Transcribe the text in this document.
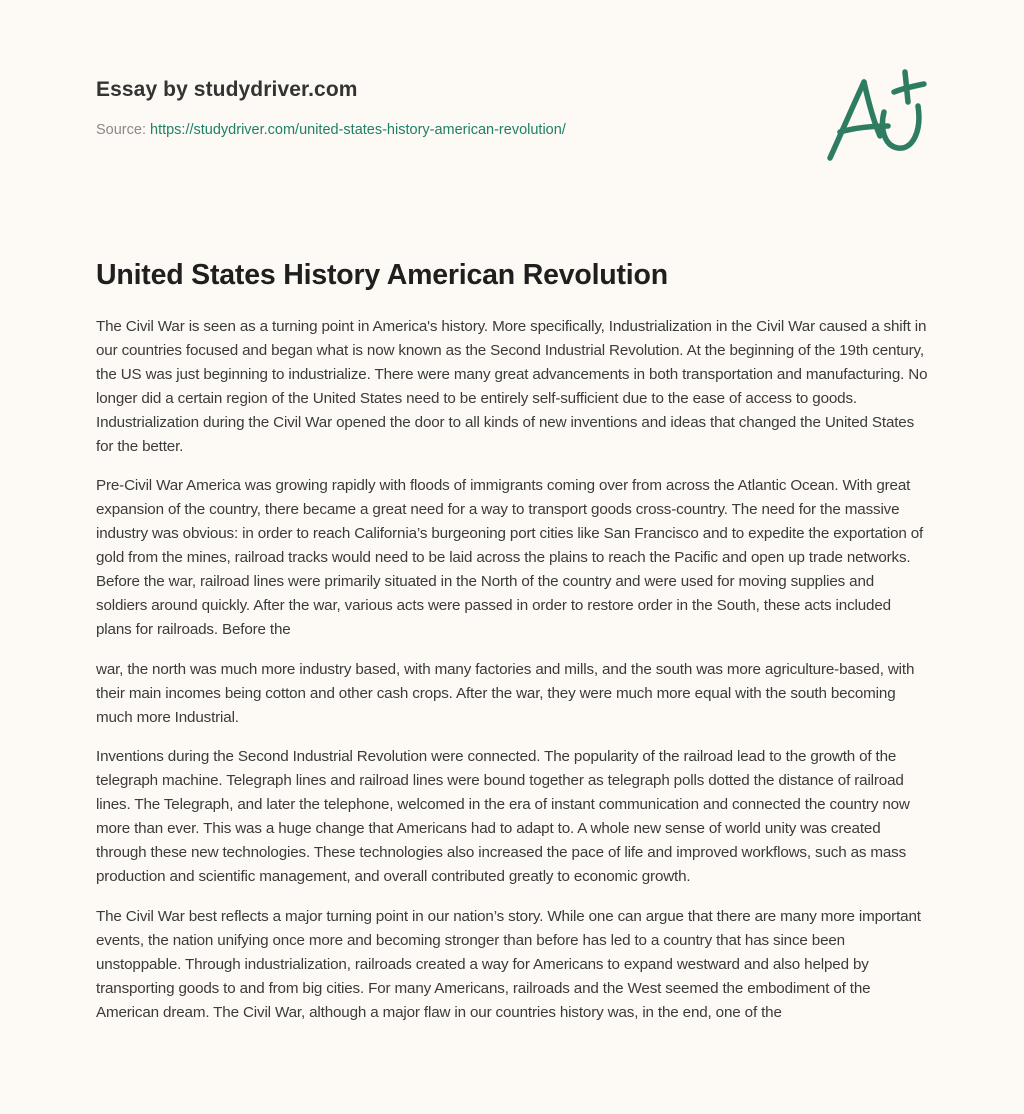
Essay by studydriver.com
Source: https://studydriver.com/united-states-history-american-revolution/
United States History American Revolution

The Civil War is seen as a turning point in America's history. More specifically, Industrialization in the Civil War caused a shift in our countries focused and began what is now known as the Second Industrial Revolution. At the beginning of the 19th century, the US was just beginning to industrialize. There were many great advancements in both transportation and manufacturing. No longer did a certain region of the United States need to be entirely self-sufficient due to the ease of access to goods. Industrialization during the Civil War opened the door to all kinds of new inventions and ideas that changed the United States for the better.

Pre-Civil War America was growing rapidly with floods of immigrants coming over from across the Atlantic Ocean. With great expansion of the country, there became a great need for a way to transport goods cross-country. The need for the massive industry was obvious: in order to reach California’s burgeoning port cities like San Francisco and to expedite the exportation of gold from the mines, railroad tracks would need to be laid across the plains to reach the Pacific and open up trade networks. Before the war, railroad lines were primarily situated in the North of the country and were used for moving supplies and soldiers around quickly. After the war, various acts were passed in order to restore order in the South, these acts included plans for railroads. Before the

war, the north was much more industry based, with many factories and mills, and the south was more agriculture-based, with their main incomes being cotton and other cash crops. After the war, they were much more equal with the south becoming much more Industrial.

Inventions during the Second Industrial Revolution were connected. The popularity of the railroad lead to the growth of the telegraph machine. Telegraph lines and railroad lines were bound together as telegraph polls dotted the distance of railroad lines. The Telegraph, and later the telephone, welcomed in the era of instant communication and connected the country now more than ever. This was a huge change that Americans had to adapt to. A whole new sense of world unity was created through these new technologies. These technologies also increased the pace of life and improved workflows, such as mass production and scientific management, and overall contributed greatly to economic growth.

The Civil War best reflects a major turning point in our nation’s story. While one can argue that there are many more important events, the nation unifying once more and becoming stronger than before has led to a country that has since been unstoppable. Through industrialization, railroads created a way for Americans to expand westward and also helped by transporting goods to and from big cities. For many Americans, railroads and the West seemed the embodiment of the American dream. The Civil War, although a major flaw in our countries history was, in the end, one of the
